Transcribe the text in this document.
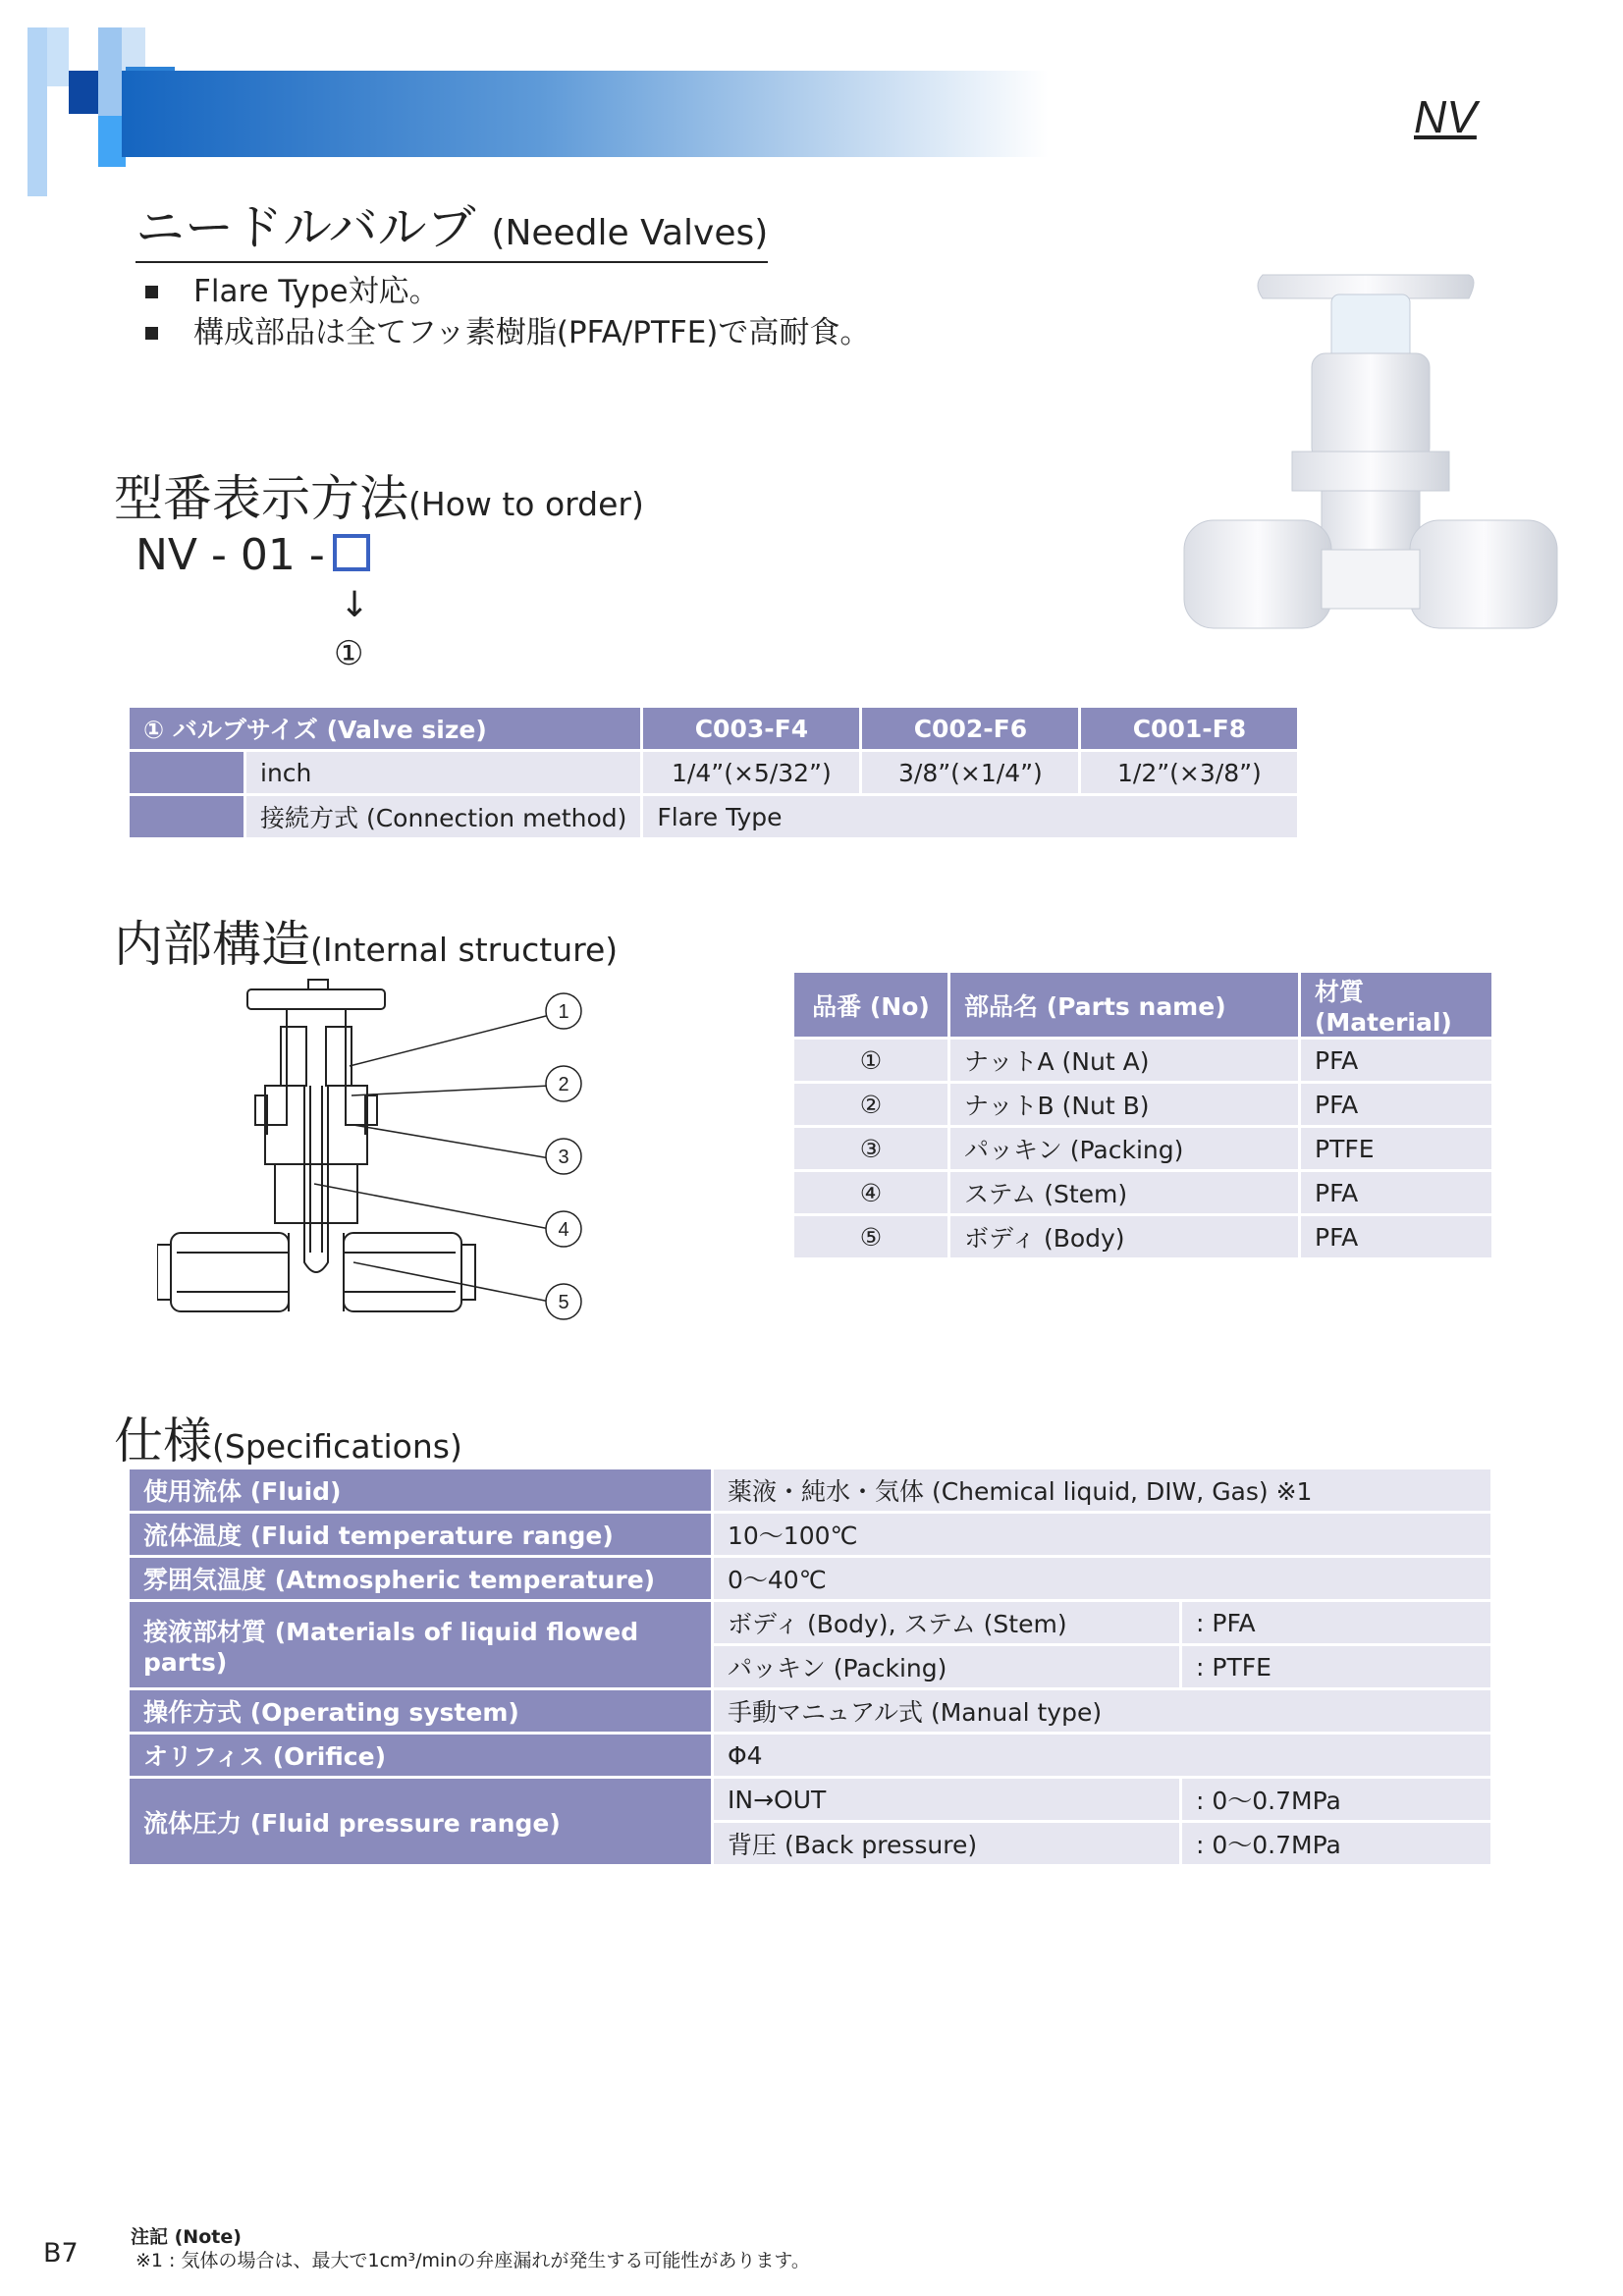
NV
ニードルバルブ (Needle Valves)
Flare Type対応。
構成部品は全てフッ素樹脂(PFA/PTFE)で高耐食。
型番表示方法(How to order)
NV - 01 -
↓
①
① バルブサイズ (Valve size)		C003-F4	C002-F6	C001-F8
	inch	1/4”(×5/32”)	3/8”(×1/4”)	1/2”(×3/8”)
	接続方式 (Connection method)	Flare Type		
内部構造(Internal structure)
1
2
3
4
5
品番 (No)	部品名 (Parts name)	材質 (Material)
①	ナットA (Nut A)	PFA
②	ナットB (Nut B)	PFA
③	パッキン (Packing)	PTFE
④	ステム (Stem)	PFA
⑤	ボディ (Body)	PFA
仕様(Specifications)
使用流体 (Fluid)	薬液・純水・気体 (Chemical liquid, DIW, Gas) ※1	
流体温度 (Fluid temperature range)	10～100℃	
雰囲気温度 (Atmospheric temperature)	0～40℃	
接液部材質 (Materials of liquid flowed parts)	ボディ (Body), ステム (Stem)	: PFA
	パッキン (Packing)	: PTFE
操作方式 (Operating system)	手動マニュアル式 (Manual type)	
オリフィス (Orifice)	Φ4	
流体圧力 (Fluid pressure range)	IN→OUT	: 0～0.7MPa
	背圧 (Back pressure)	: 0～0.7MPa
B7
注記 (Note)
※1 : 気体の場合は、最大で1cm³/minの弁座漏れが発生する可能性があります。
